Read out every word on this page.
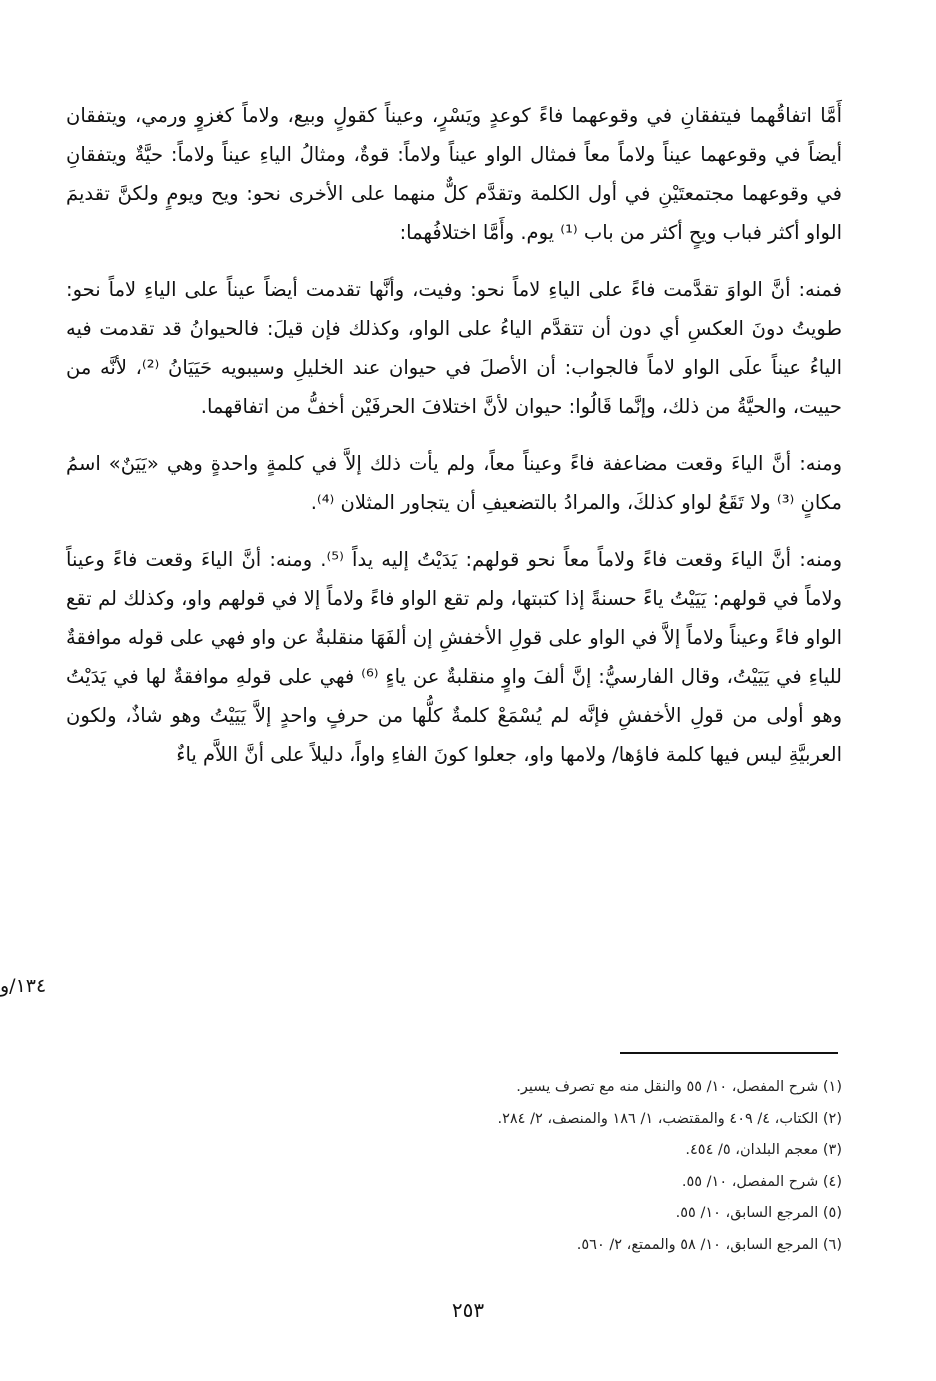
أَمَّا اتفاقُهما فيتفقانِ في وقوعهما فاءً كوعدٍ ويَسْرٍ، وعيناً كقولٍ وبيع، ولاماً كغزوٍ ورمي، ويتفقان أيضاً في وقوعهما عيناً ولاماً معاً فمثال الواو عيناً ولاماً: قوةٌ، ومثالُ الياءِ عيناً ولاماً: حيَّةٌ ويتفقانِ في وقوعهما مجتمعتَيْنِ في أول الكلمة وتقدَّم كلٌّ منهما على الأخرى نحو: ويح ويومٍ ولكنَّ تقديمَ الواو أكثر فباب ويحٍ أكثر من باب ⁽¹⁾ يوم. وأَمَّا اختلافُهما:

فمنه: أنَّ الواوَ تقدَّمت فاءً على الياءِ لاماً نحو: وفيت، وأنَّها تقدمت أيضاً عيناً على الياءِ لاماً نحو: طويتُ دونَ العكسِ أي دون أن تتقدَّم الياءُ على الواو، وكذلك فإن قيلَ: فالحيوانُ قد تقدمت فيه الياءُ عيناً علَى الواو لاماً فالجواب: أن الأصلَ في حيوان عند الخليلِ وسيبويه حَيَيَانُ ⁽²⁾، لأنَّه من حييت، والحيَّةُ من ذلك، وإنَّما قَالُوا: حيوان لأنَّ اختلافَ الحرفَيْن أخفُّ من اتفاقهما.

ومنه: أنَّ الياءَ وقعت مضاعفة فاءً وعيناً معاً، ولم يأت ذلك إلاَّ في كلمةٍ واحدةٍ وهي «يَيَنٌ» اسمُ مكانٍ ⁽³⁾ ولا تَقَعُ لواو كذلكَ، والمرادُ بالتضعيفِ أن يتجاور المثلان ⁽⁴⁾.

ومنه: أنَّ الياءَ وقعت فاءً ولاماً معاً نحو قولهم: يَدَيْتُ إليه يداً ⁽⁵⁾. ومنه: أنَّ الياءَ وقعت فاءً وعيناً ولاماً في قولهم: يَيَيْتُ ياءً حسنةً إذا كتبتها، ولم تقع الواو فاءً ولاماً إلا في قولهم واو، وكذلك لم تقع الواو فاءً وعيناً ولاماً إلاَّ في الواو على قولِ الأخفشِ إن ألفَهَا منقلبةٌ عن واو فهي على قوله موافقةٌ للياءِ في يَيَيْتُ، وقال الفارسيُّ: إنَّ ألفَ واوٍ منقلبةٌ عن ياءٍ ⁽⁶⁾ فهي على قولهِ موافقةٌ لها في يَدَيْتُ وهو أولى من قولِ الأخفشِ فإنَّه لم يُسْمَعْ كلمةٌ كلُّها من حرفٍ واحدٍ إلاَّ يَيَيْتُ وهو شاذٌ، ولكون العربيَّةِ ليس فيها كلمة فاؤها/ ولامها واو، جعلوا كونَ الفاءِ واواً، دليلاً على أنَّ اللاَّم ياءٌ

١٣٤/و
(١) شرح المفصل، ١٠/ ٥٥ والنقل منه مع تصرف يسير.
(٢) الكتاب، ٤/ ٤٠٩ والمقتضب، ١/ ١٨٦ والمنصف، ٢/ ٢٨٤.
(٣) معجم البلدان، ٥/ ٤٥٤.
(٤) شرح المفصل، ١٠/ ٥٥.
(٥) المرجع السابق، ١٠/ ٥٥.
(٦) المرجع السابق، ١٠/ ٥٨ والممتع، ٢/ ٥٦٠.
٢٥٣
